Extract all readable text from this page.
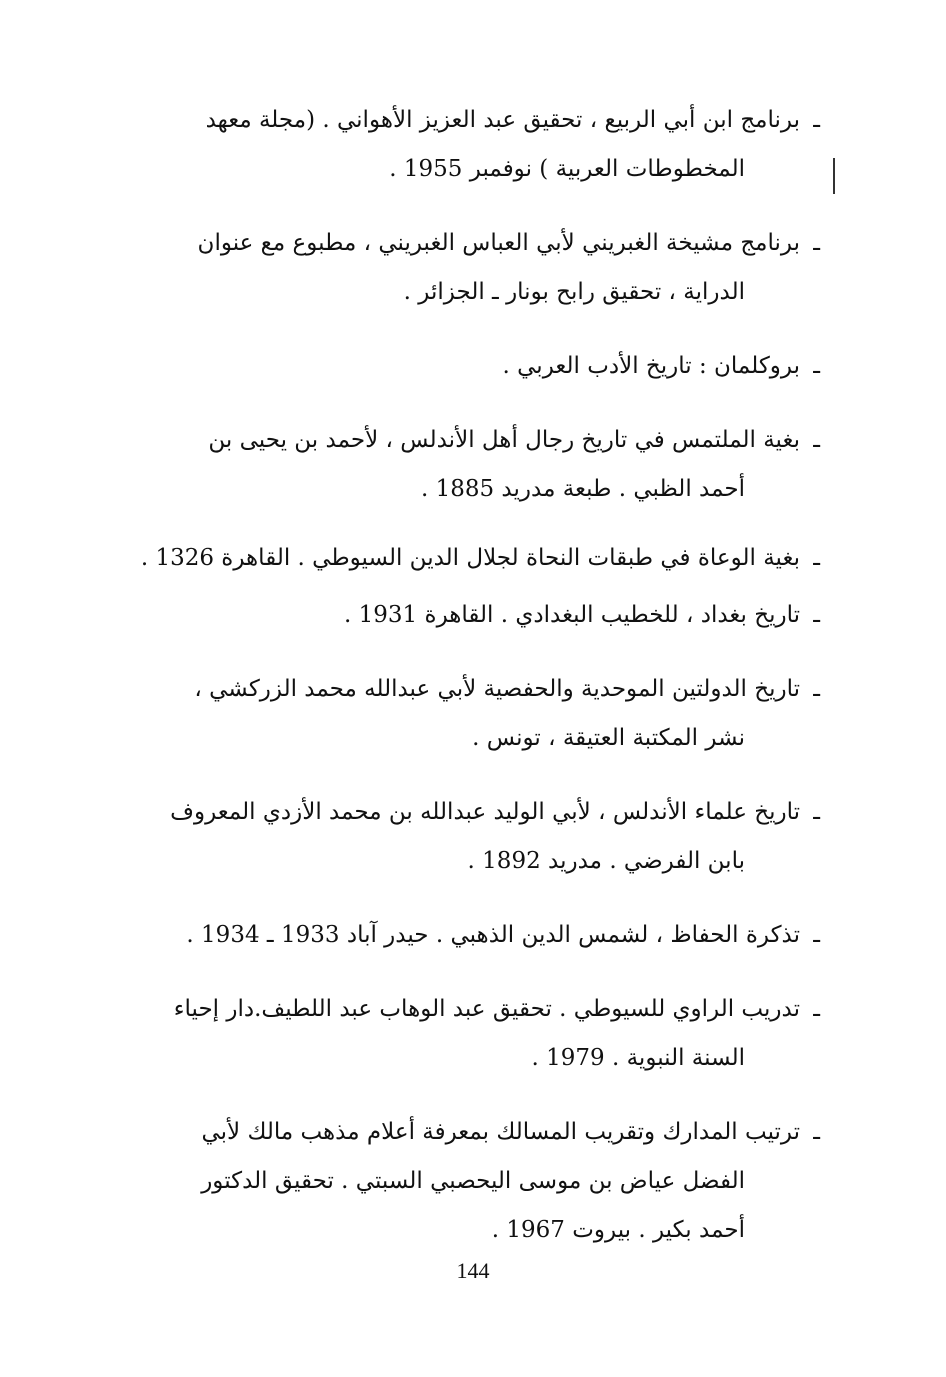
ـ
برنامج ابن أبي الربيع ، تحقيق عبد العزيز الأهواني . (مجلة معهد
المخطوطات العربية ) نوفمبر 1955 .
ـ
برنامج مشيخة الغبريني لأبي العباس الغبريني ، مطبوع مع عنوان
الدراية ، تحقيق رابح بونار ـ الجزائر .
ـ
بروكلمان : تاريخ الأدب العربي .
ـ
بغية الملتمس في تاريخ رجال أهل الأندلس ، لأحمد بن يحيى بن
أحمد الظبي . طبعة مدريد 1885 .
ـ
بغية الوعاة في طبقات النحاة لجلال الدين السيوطي . القاهرة 1326 .
ـ
تاريخ بغداد ، للخطيب البغدادي . القاهرة 1931 .
ـ
تاريخ الدولتين الموحدية والحفصية لأبي عبدالله محمد الزركشي ،
نشر المكتبة العتيقة ، تونس .
ـ
تاريخ علماء الأندلس ، لأبي الوليد عبدالله بن محمد الأزدي المعروف
بابن الفرضي . مدريد 1892 .
ـ
تذكرة الحفاظ ، لشمس الدين الذهبي . حيدر آباد 1933 ـ 1934 .
ـ
تدريب الراوي للسيوطي . تحقيق عبد الوهاب عبد اللطيف.دار إحياء
السنة النبوية . 1979 .
ـ
ترتيب المدارك وتقريب المسالك بمعرفة أعلام مذهب مالك لأبي
الفضل عياض بن موسى اليحصبي السبتي . تحقيق الدكتور
أحمد بكير . بيروت 1967 .
144
